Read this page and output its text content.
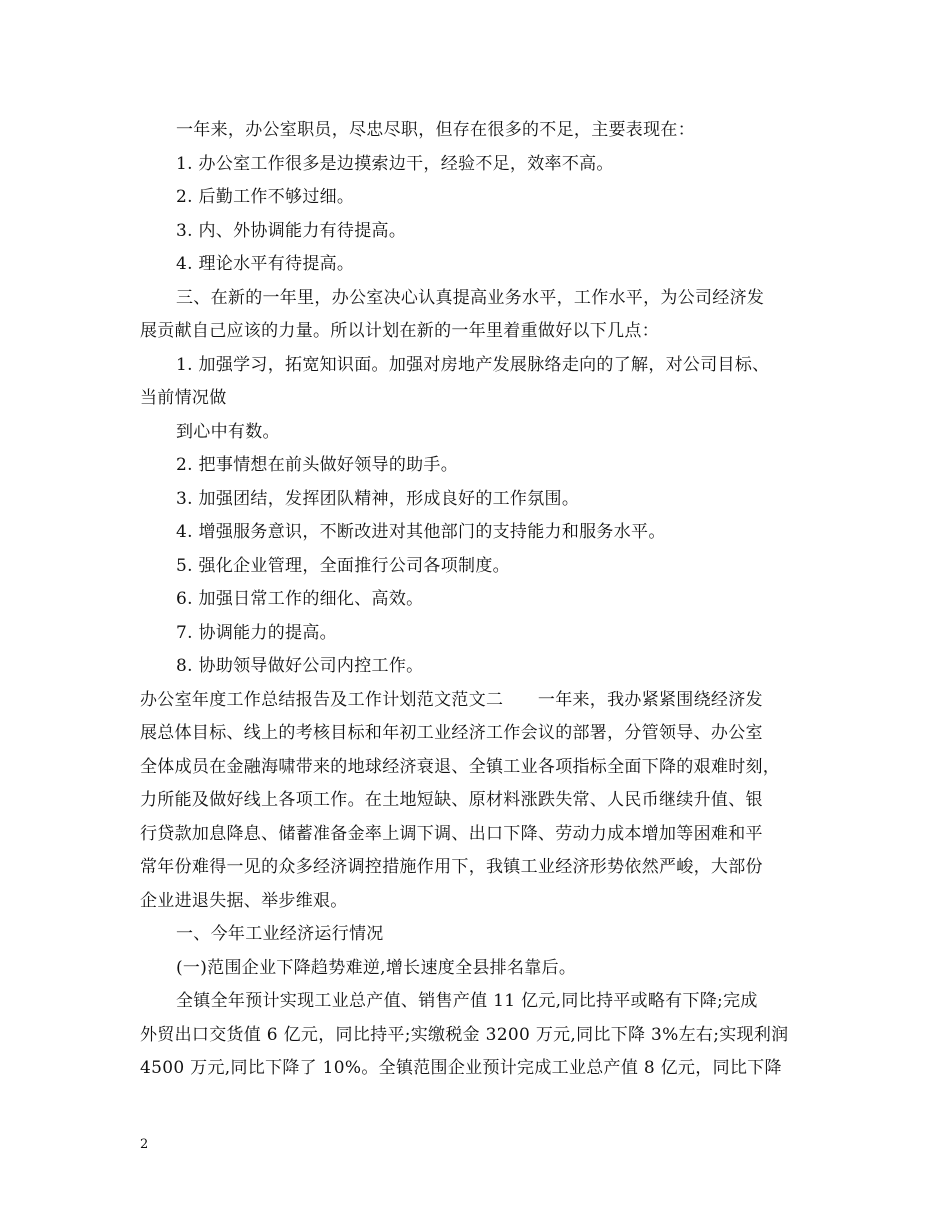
一年来，办公室职员，尽忠尽职，但存在很多的不足，主要表现在：
1. 办公室工作很多是边摸索边干，经验不足，效率不高。
2. 后勤工作不够过细。
3. 内、外协调能力有待提高。
4. 理论水平有待提高。
三、在新的一年里，办公室决心认真提高业务水平，工作水平，为公司经济发
展贡献自己应该的力量。所以计划在新的一年里着重做好以下几点：
1. 加强学习，拓宽知识面。加强对房地产发展脉络走向的了解，对公司目标、
当前情况做
到心中有数。
2. 把事情想在前头做好领导的助手。
3. 加强团结，发挥团队精神，形成良好的工作氛围。
4. 增强服务意识，不断改进对其他部门的支持能力和服务水平。
5. 强化企业管理，全面推行公司各项制度。
6. 加强日常工作的细化、高效。
7. 协调能力的提高。
8. 协助领导做好公司内控工作。
办公室年度工作总结报告及工作计划范文范文二　　一年来，我办紧紧围绕经济发
展总体目标、线上的考核目标和年初工业经济工作会议的部署，分管领导、办公室
全体成员在金融海啸带来的地球经济衰退、全镇工业各项指标全面下降的艰难时刻，
力所能及做好线上各项工作。在土地短缺、原材料涨跌失常、人民币继续升值、银
行贷款加息降息、储蓄准备金率上调下调、出口下降、劳动力成本增加等困难和平
常年份难得一见的众多经济调控措施作用下，我镇工业经济形势依然严峻，大部份
企业进退失据、举步维艰。
一、今年工业经济运行情况
(一)范围企业下降趋势难逆,增长速度全县排名靠后。
全镇全年预计实现工业总产值、销售产值 11 亿元,同比持平或略有下降;完成
外贸出口交货值 6 亿元，同比持平;实缴税金 3200 万元,同比下降 3%左右;实现利润
4500 万元,同比下降了 10%。全镇范围企业预计完成工业总产值 8 亿元，同比下降
2
